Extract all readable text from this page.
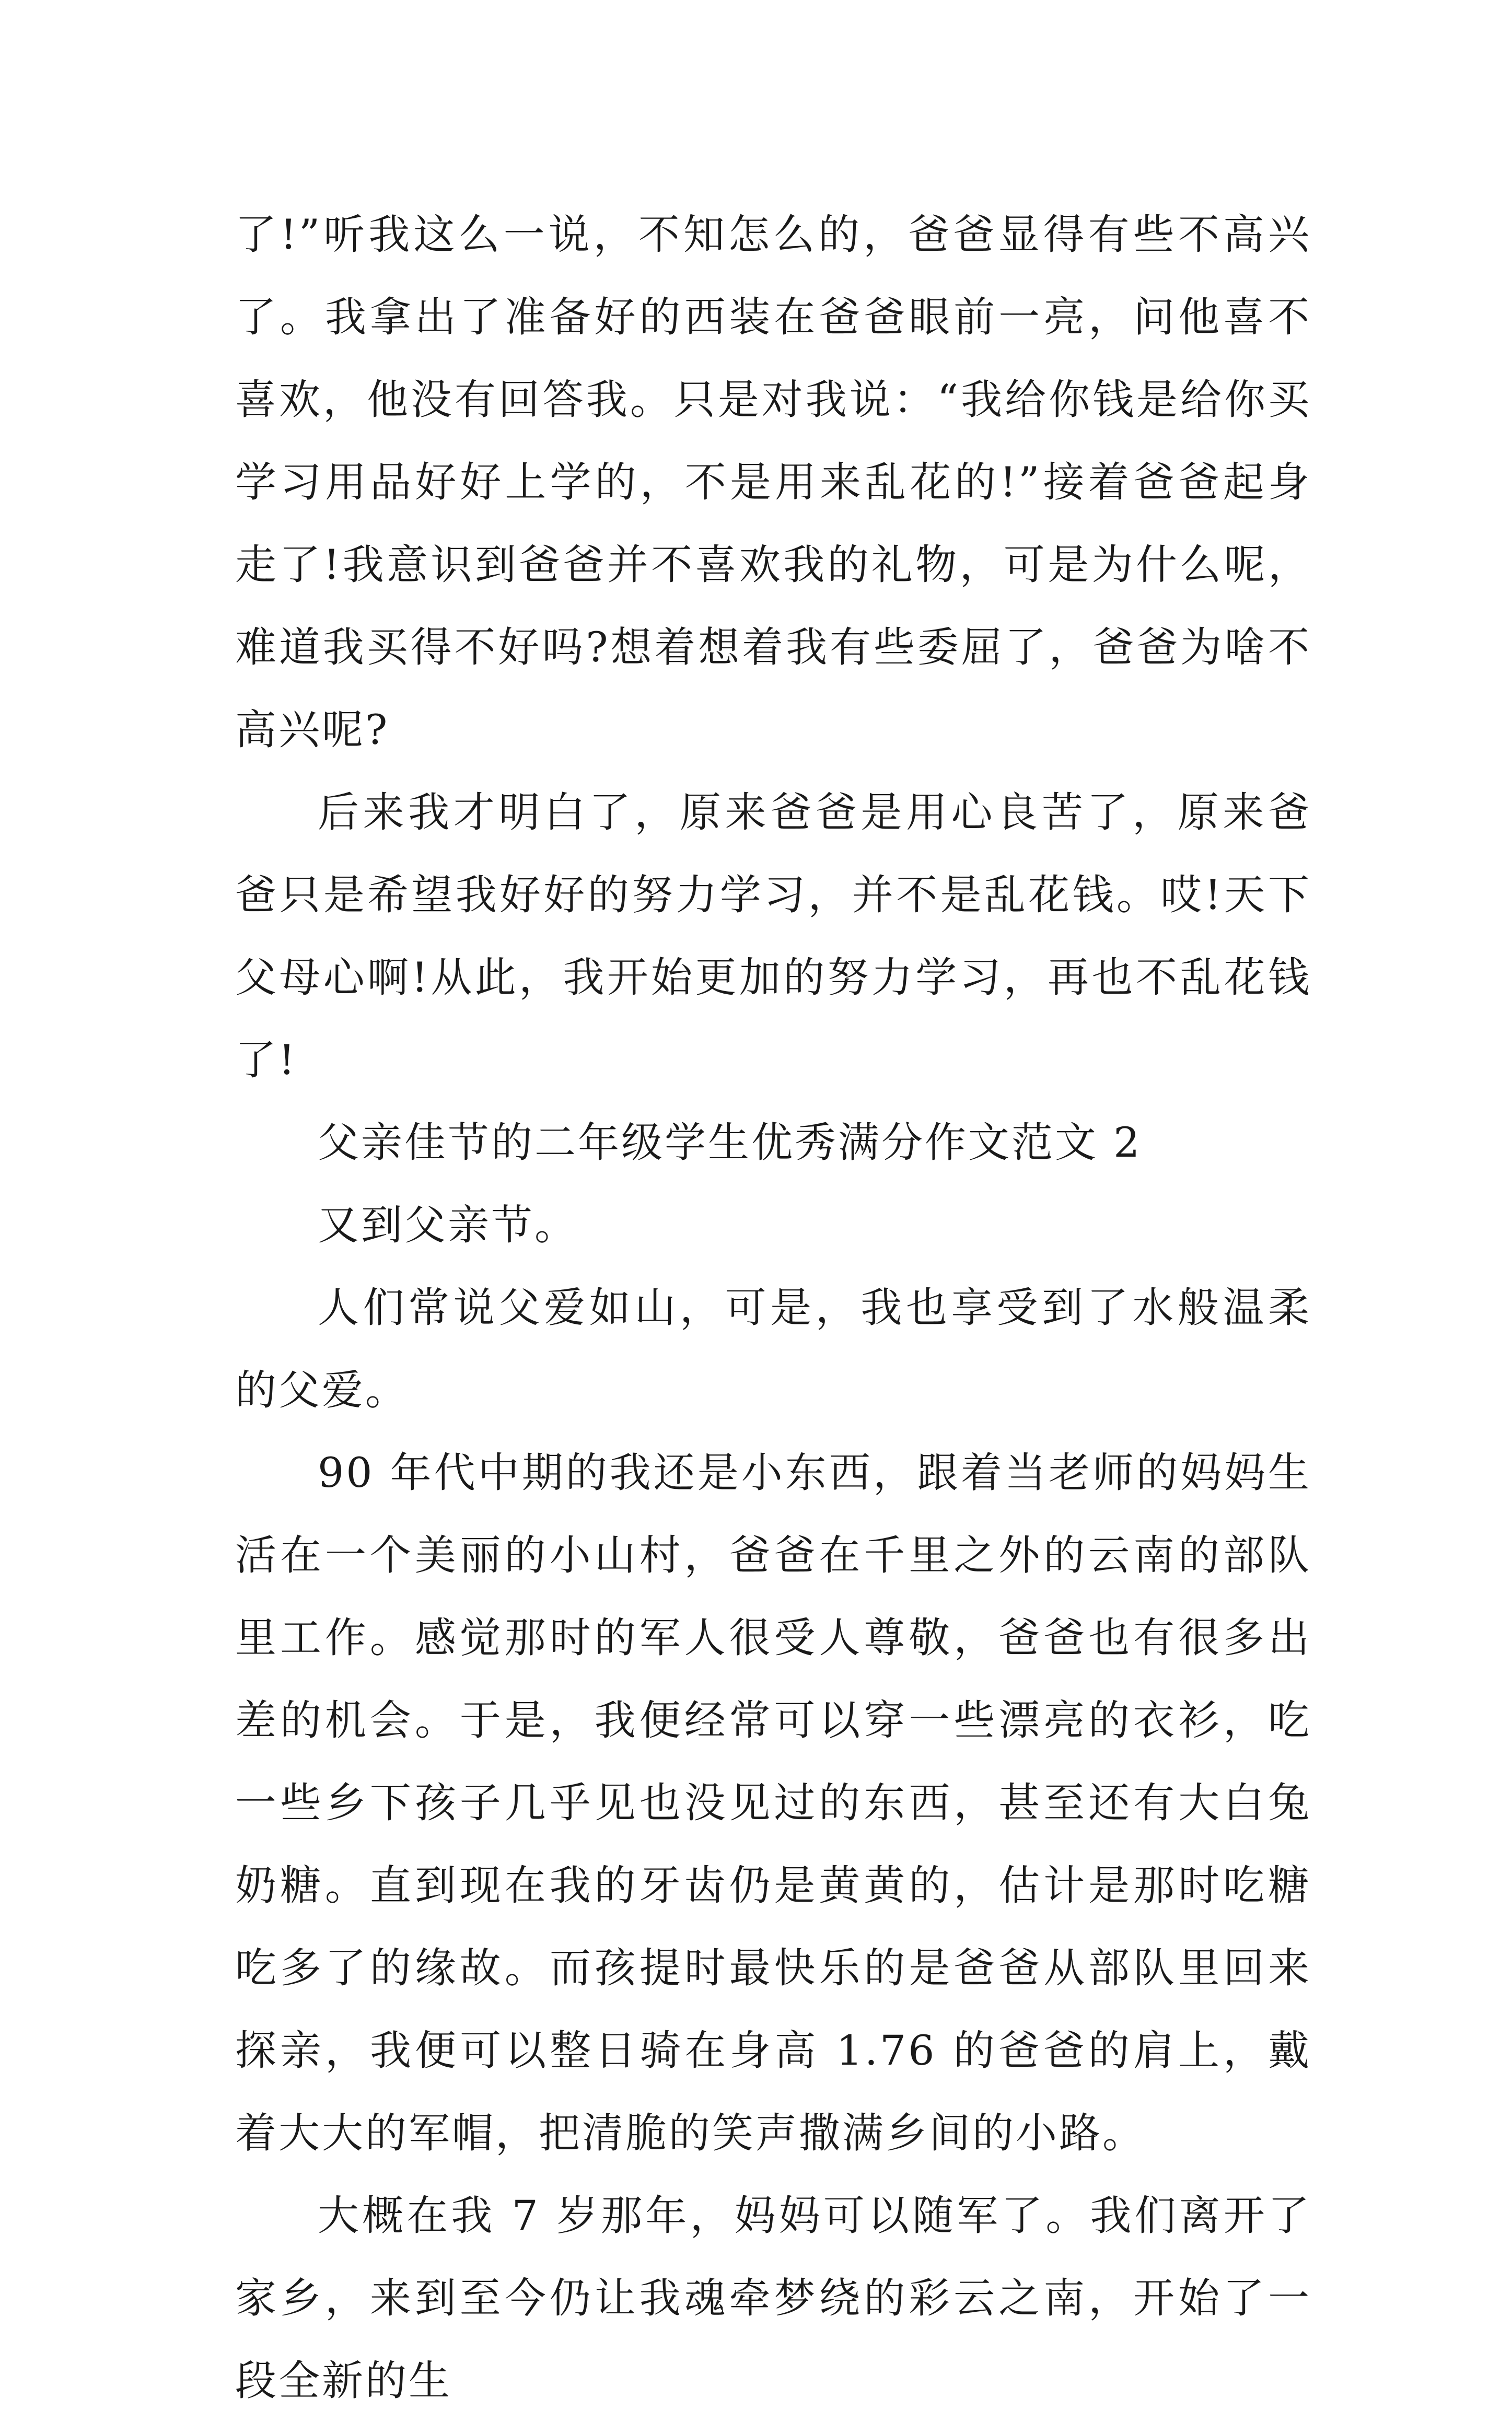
了!”听我这么一说，不知怎么的，爸爸显得有些不高兴了。我拿出了准备好的西装在爸爸眼前一亮，问他喜不喜欢，他没有回答我。只是对我说：“我给你钱是给你买学习用品好好上学的，不是用来乱花的!”接着爸爸起身走了!我意识到爸爸并不喜欢我的礼物，可是为什么呢，难道我买得不好吗?想着想着我有些委屈了，爸爸为啥不高兴呢?

后来我才明白了，原来爸爸是用心良苦了，原来爸爸只是希望我好好的努力学习，并不是乱花钱。哎!天下父母心啊!从此，我开始更加的努力学习，再也不乱花钱了!

父亲佳节的二年级学生优秀满分作文范文 2

又到父亲节。

人们常说父爱如山，可是，我也享受到了水般温柔的父爱。

90 年代中期的我还是小东西，跟着当老师的妈妈生活在一个美丽的小山村，爸爸在千里之外的云南的部队里工作。感觉那时的军人很受人尊敬，爸爸也有很多出差的机会。于是，我便经常可以穿一些漂亮的衣衫，吃一些乡下孩子几乎见也没见过的东西，甚至还有大白兔奶糖。直到现在我的牙齿仍是黄黄的，估计是那时吃糖吃多了的缘故。而孩提时最快乐的是爸爸从部队里回来探亲，我便可以整日骑在身高 1.76 的爸爸的肩上，戴着大大的军帽，把清脆的笑声撒满乡间的小路。

大概在我 7 岁那年，妈妈可以随军了。我们离开了家乡，来到至今仍让我魂牵梦绕的彩云之南，开始了一段全新的生
